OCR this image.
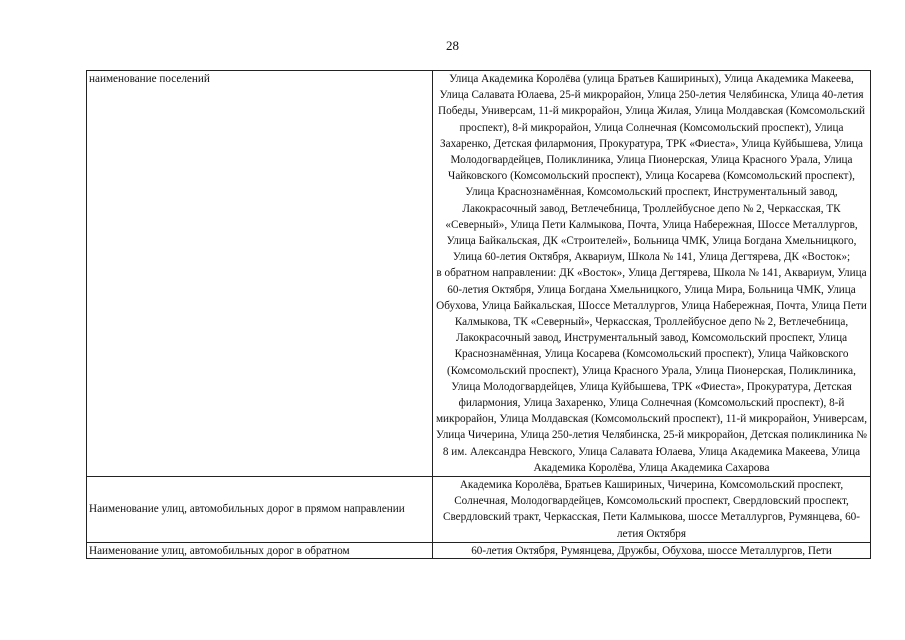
28
наименование поселений	Улица Академика Королёва (улица Братьев Кашириных), Улица Академика Макеева, Улица Салавата Юлаева, 25-й микрорайон, Улица 250-летия Челябинска, Улица 40-летия Победы, Универсам, 11-й микрорайон, Улица Жилая, Улица Молдавская (Комсомольский проспект), 8-й микрорайон, Улица Солнечная (Комсомольский проспект), Улица Захаренко, Детская филармония, Прокуратура, ТРК «Фиеста», Улица Куйбышева, Улица Молодогвардейцев, Поликлиника, Улица Пионерская, Улица Красного Урала, Улица Чайковского (Комсомольский проспект), Улица Косарева (Комсомольский проспект), Улица Краснознамённая, Комсомольский проспект, Инструментальный завод, Лакокрасочный завод, Ветлечебница, Троллейбусное депо № 2, Черкасская, ТК «Северный», Улица Пети Калмыкова, Почта, Улица Набережная, Шоссе Металлургов, Улица Байкальская, ДК «Строителей», Больница ЧМК, Улица Богдана Хмельницкого, Улица 60-летия Октября, Аквариум, Школа № 141, Улица Дегтярева, ДК «Восток»;
в обратном направлении: ДК «Восток», Улица Дегтярева, Школа № 141, Аквариум, Улица 60-летия Октября, Улица Богдана Хмельницкого, Улица Мира, Больница ЧМК, Улица Обухова, Улица Байкальская, Шоссе Металлургов, Улица Набережная, Почта, Улица Пети Калмыкова, ТК «Северный», Черкасская, Троллейбусное депо № 2, Ветлечебница, Лакокрасочный завод, Инструментальный завод, Комсомольский проспект, Улица Краснознамённая, Улица Косарева (Комсомольский проспект), Улица Чайковского (Комсомольский проспект), Улица Красного Урала, Улица Пионерская, Поликлиника, Улица Молодогвардейцев, Улица Куйбышева, ТРК «Фиеста», Прокуратура, Детская филармония, Улица Захаренко, Улица Солнечная (Комсомольский проспект), 8-й микрорайон, Улица Молдавская (Комсомольский проспект), 11-й микрорайон, Универсам, Улица Чичерина, Улица 250-летия Челябинска, 25-й микрорайон, Детская поликлиника № 8 им. Александра Невского, Улица Салавата Юлаева, Улица Академика Макеева, Улица Академика Королёва, Улица Академика Сахарова

Наименование улиц, автомобильных дорог в прямом направлении	Академика Королёва, Братьев Кашириных, Чичерина, Комсомольский проспект, Солнечная, Молодогвардейцев, Комсомольский проспект, Свердловский проспект, Свердловский тракт, Черкасская, Пети Калмыкова, шоссе Металлургов, Румянцева, 60-летия Октября

Наименование улиц, автомобильных дорог в обратном	60-летия Октября, Румянцева, Дружбы, Обухова, шоссе Металлургов, Пети
